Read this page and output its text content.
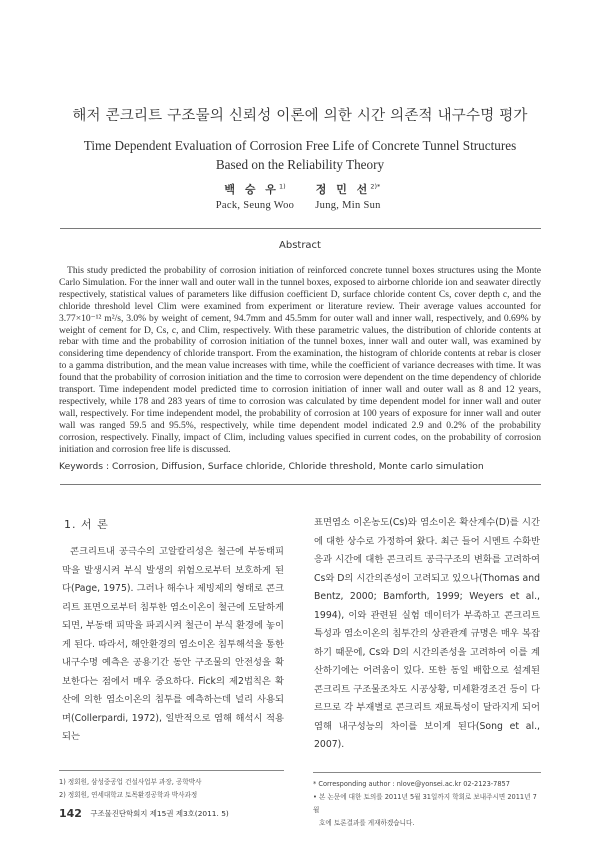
해저 콘크리트 구조물의 신뢰성 이론에 의한 시간 의존적 내구수명 평가
Time Dependent Evaluation of Corrosion Free Life of Concrete Tunnel Structures
Based on the Reliability Theory
백 승 우$^{1)}$
Pack, Seung Woo
정 민 선$^{2)*}$
Jung, Min Sun
Abstract
This study predicted the probability of corrosion initiation of reinforced concrete tunnel boxes structures using the Monte Carlo Simulation. For the inner wall and outer wall in the tunnel boxes, exposed to airborne chloride ion and seawater directly respectively, statistical values of parameters like diffusion coefficient D, surface chloride content Cs, cover depth c, and the chloride threshold level Clim were examined from experiment or literature review. Their average values accounted for 3.77×10⁻¹² m²/s, 3.0% by weight of cement, 94.7mm and 45.5mm for outer wall and inner wall, respectively, and 0.69% by weight of cement for D, Cs, c, and Clim, respectively. With these parametric values, the distribution of chloride contents at rebar with time and the probability of corrosion initiation of the tunnel boxes, inner wall and outer wall, was examined by considering time dependency of chloride transport. From the examination, the histogram of chloride contents at rebar is closer to a gamma distribution, and the mean value increases with time, while the coefficient of variance decreases with time. It was found that the probability of corrosion initiation and the time to corrosion were dependent on the time dependency of chloride transport. Time independent model predicted time to corrosion initiation of inner wall and outer wall as 8 and 12 years, respectively, while 178 and 283 years of time to corrosion was calculated by time dependent model for inner wall and outer wall, respectively. For time independent model, the probability of corrosion at 100 years of exposure for inner wall and outer wall was ranged 59.5 and 95.5%, respectively, while time dependent model indicated 2.9 and 0.2% of the probability corrosion, respectively. Finally, impact of Clim, including values specified in current codes, on the probability of corrosion initiation and corrosion free life is discussed.
Keywords : Corrosion, Diffusion, Surface chloride, Chloride threshold, Monte carlo simulation
1. 서 론
콘크리트내 공극수의 고알칼리성은 철근에 부동태피막을 발생시켜 부식 발생의 위험으로부터 보호하게 된다(Page, 1975). 그러나 해수나 제빙제의 형태로 콘크리트 표면으로부터 침투한 염소이온이 철근에 도달하게 되면, 부동태 피막을 파괴시켜 철근이 부식 환경에 놓이게 된다. 따라서, 해안환경의 염소이온 침투해석을 통한 내구수명 예측은 공용기간 동안 구조물의 안전성을 확보한다는 점에서 매우 중요하다. Fick의 제2법칙은 확산에 의한 염소이온의 침투를 예측하는데 널리 사용되며(Collerpardi, 1972), 일반적으로 염해 해석시 적용되는
표면염소 이온농도(Cs)와 염소이온 확산계수(D)를 시간에 대한 상수로 가정하여 왔다. 최근 들어 시멘트 수화반응과 시간에 대한 콘크리트 공극구조의 변화를 고려하여 Cs와 D의 시간의존성이 고려되고 있으나(Thomas and Bentz, 2000; Bamforth, 1999; Weyers et al., 1994), 이와 관련된 실험 데이터가 부족하고 콘크리트 특성과 염소이온의 침투간의 상관관계 규명은 매우 복잡하기 때문에, Cs와 D의 시간의존성을 고려하여 이를 계산하기에는 어려움이 있다. 또한 동일 배합으로 설계된 콘크리트 구조물조차도 시공상황, 미세환경조건 등이 다르므로 각 부재별로 콘크리트 재료특성이 달라지게 되어 염해 내구성능의 차이를 보이게 된다(Song et al., 2007).
1) 정회원, 삼성중공업 건설사업부 과장, 공학박사
2) 정회원, 연세대학교 토목환경공학과 박사과정
* Corresponding author : nlove@yonsei.ac.kr 02-2123-7857
• 본 논문에 대한 토의를 2011년 5월 31일까지 학회로 보내주시면 2011년 7월
호에 토론결과를 게재하겠습니다.
142 구조물진단학회지 제15권 제3호(2011. 5)
